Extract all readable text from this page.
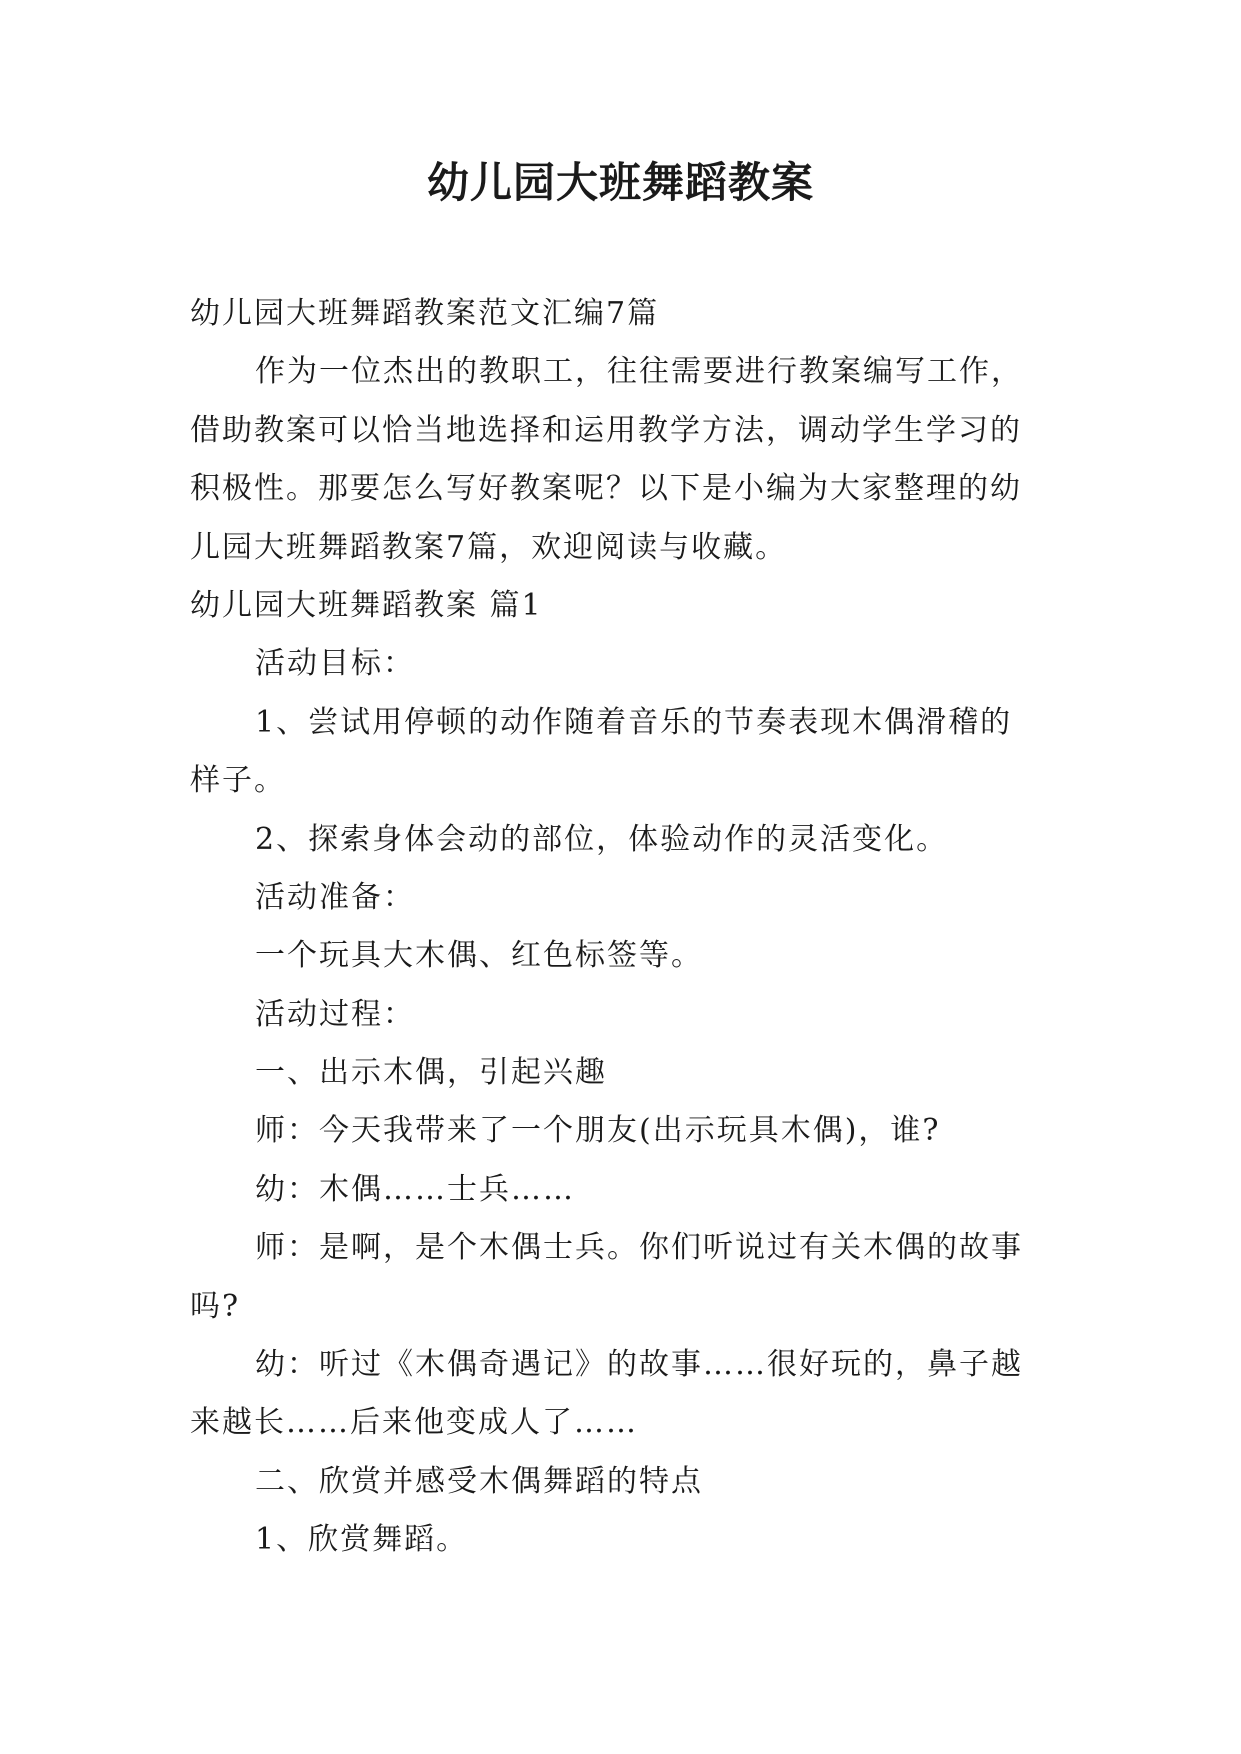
幼儿园大班舞蹈教案

幼儿园大班舞蹈教案范文汇编7篇

作为一位杰出的教职工，往往需要进行教案编写工作，

借助教案可以恰当地选择和运用教学方法，调动学生学习的

积极性。那要怎么写好教案呢？以下是小编为大家整理的幼

儿园大班舞蹈教案7篇，欢迎阅读与收藏。

幼儿园大班舞蹈教案 篇1

活动目标：

1、尝试用停顿的动作随着音乐的节奏表现木偶滑稽的

样子。

2、探索身体会动的部位，体验动作的灵活变化。

活动准备：

一个玩具大木偶、红色标签等。

活动过程：

一、出示木偶，引起兴趣

师：今天我带来了一个朋友(出示玩具木偶)，谁?

幼：木偶……士兵……

师：是啊，是个木偶士兵。你们听说过有关木偶的故事

吗?

幼：听过《木偶奇遇记》的故事……很好玩的，鼻子越

来越长……后来他变成人了……

二、欣赏并感受木偶舞蹈的特点

1、欣赏舞蹈。
